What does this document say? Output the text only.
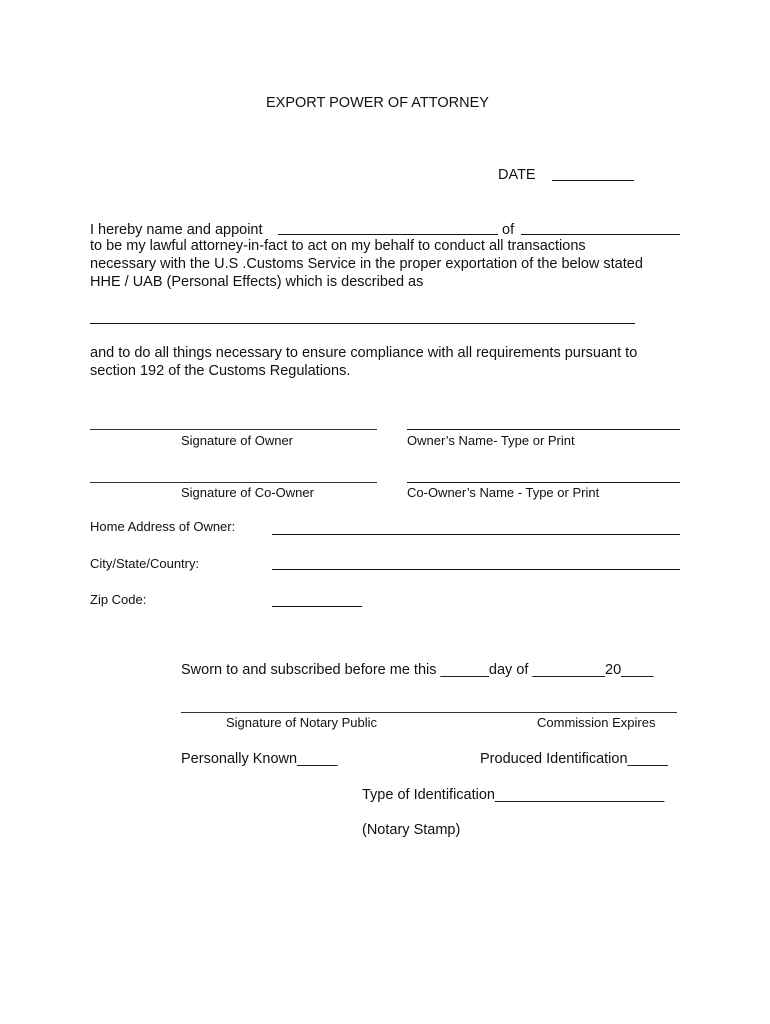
EXPORT POWER OF ATTORNEY
DATE
I hereby name and appoint	of
to be my lawful attorney-in-fact to act on my behalf to conduct all transactions
necessary with the U.S .Customs Service in the proper exportation of the below stated
HHE / UAB (Personal Effects) which is described as
and to do all things necessary to ensure compliance with all requirements pursuant to
section 192 of the Customs Regulations.
Signature of Owner	Owner’s Name- Type or Print
Signature of Co-Owner	Co-Owner’s Name - Type or Print
Home Address of Owner:
City/State/Country:
Zip Code:
Sworn to and subscribed before me this ______day of _________20____
Signature of Notary Public	Commission Expires
Personally Known_____	Produced Identification_____
Type of Identification_____________________
(Notary Stamp)
